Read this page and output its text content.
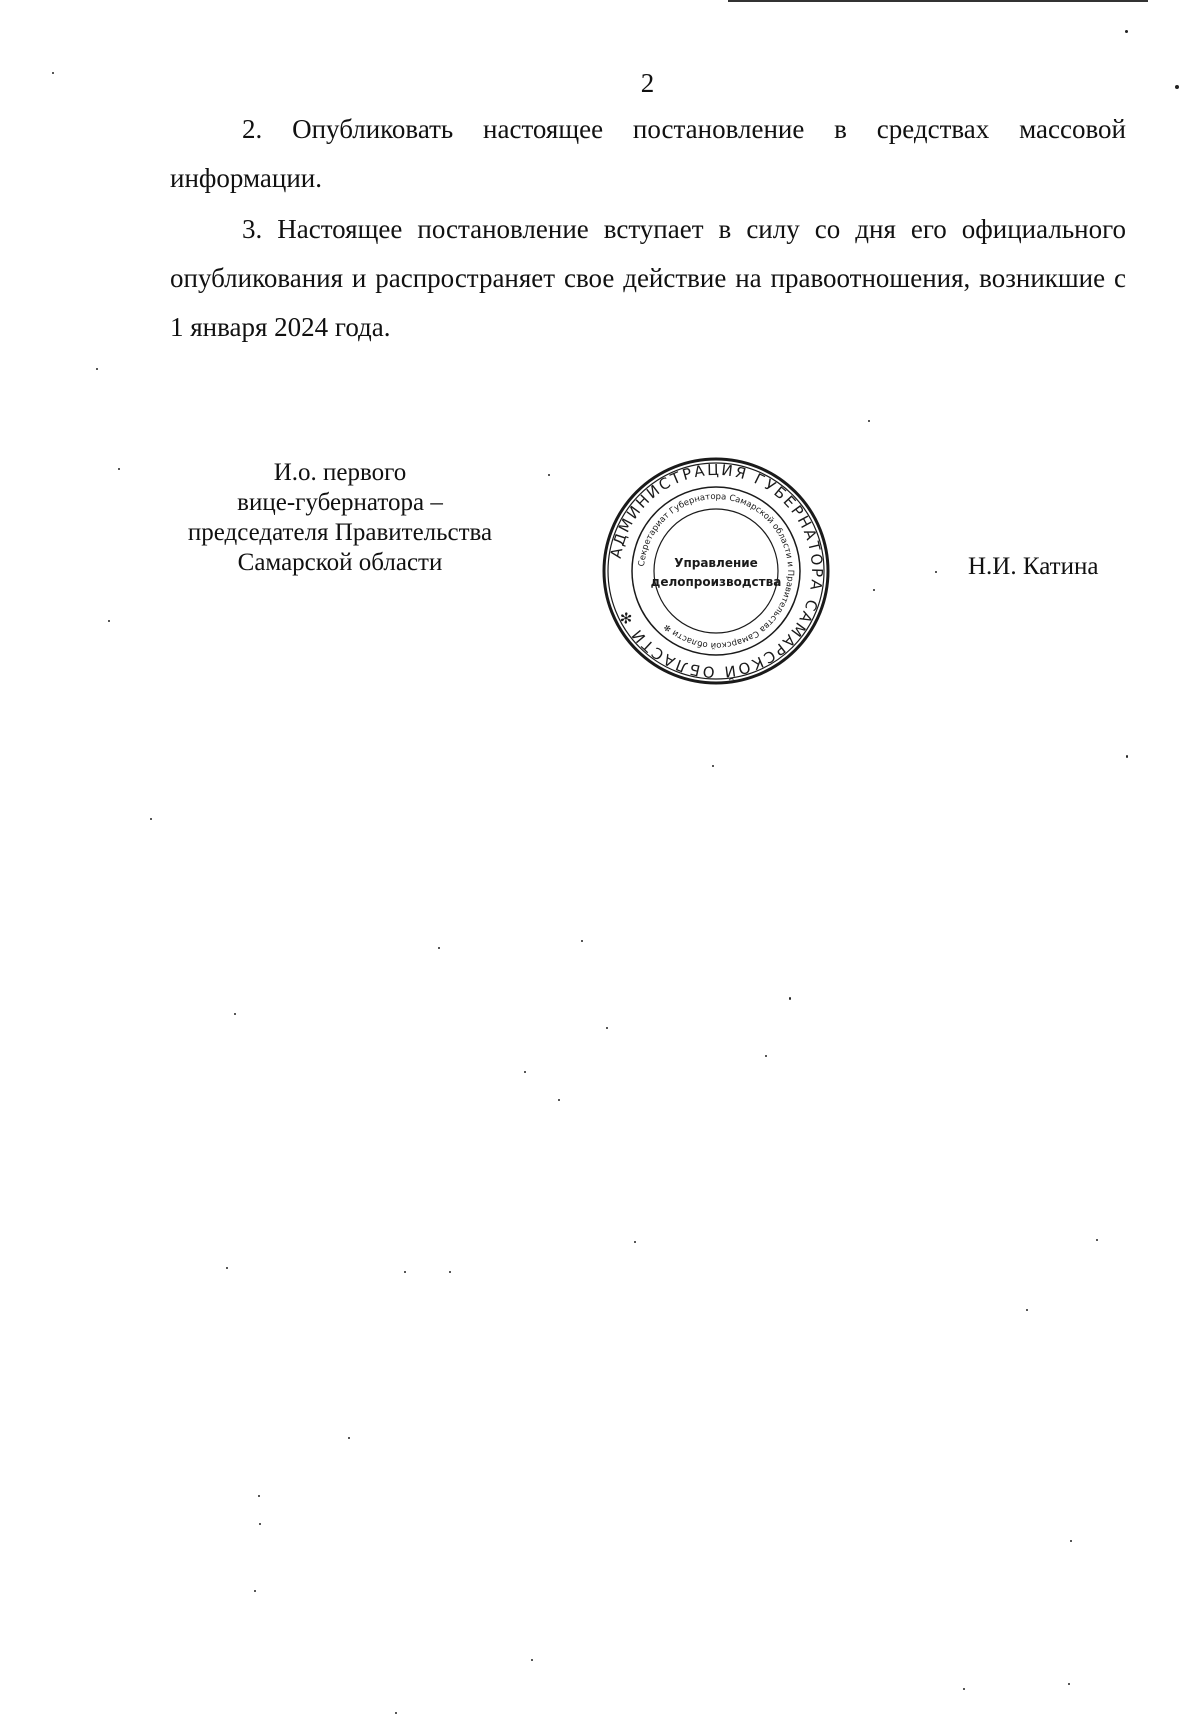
2

2. Опубликовать настоящее постановление в средствах массовой информации.

3. Настоящее постановление вступает в силу со дня его официального опубликования и распространяет свое действие на правоотношения, возникшие с 1 января 2024 года.

И.о. первого
вице-губернатора –
председателя Правительства
Самарской области	АДМИНИСТРАЦИЯ ГУБЕРНАТОРА САМАРСКОЙ ОБЛАСТИ ✻
Секретариат Губернатора Самарской области и Правительства Самарской области ✻
Управление
делопроизводства
Н.И. Катина
